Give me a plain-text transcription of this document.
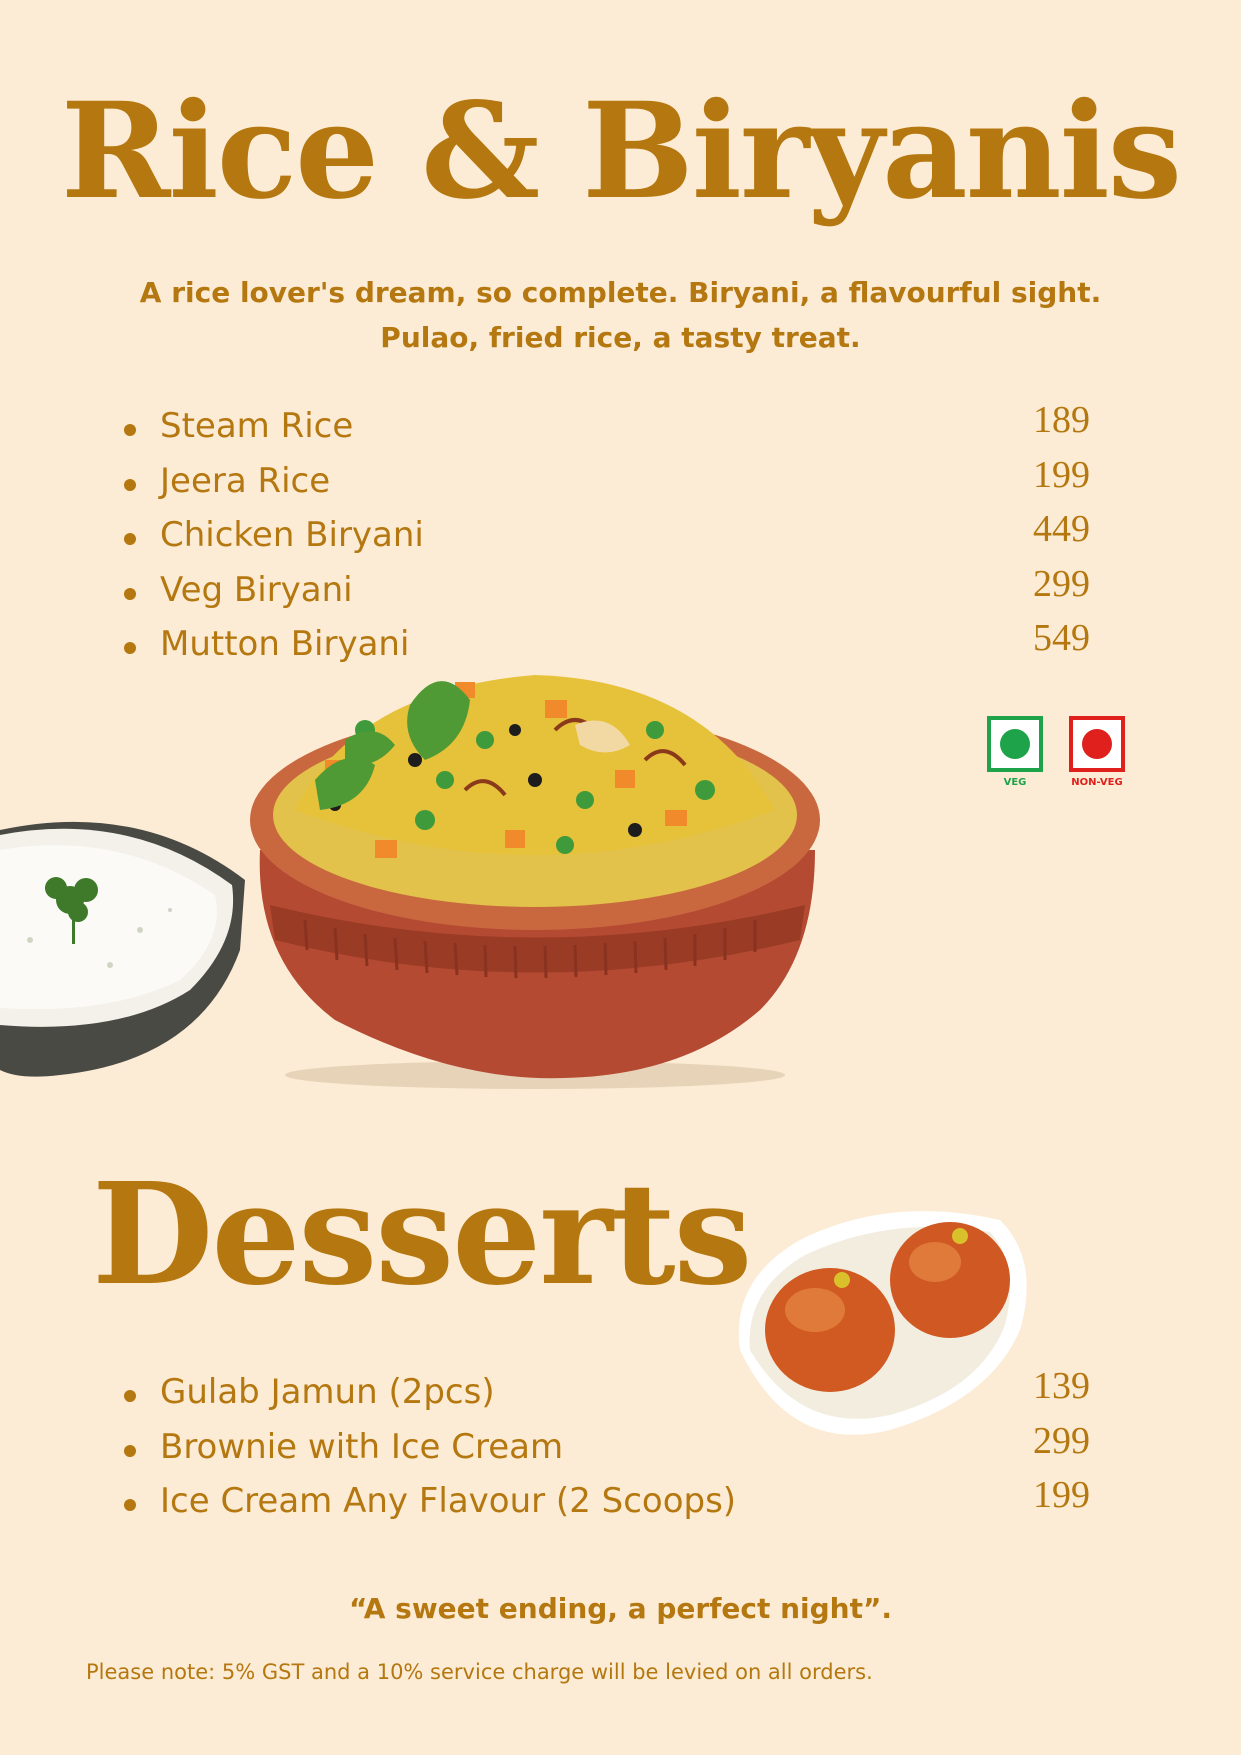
Rice & Biryanis
A rice lover's dream, so complete. Biryani, a flavourful sight.
Pulao, fried rice, a tasty treat.
Steam Rice	189
Jeera Rice	199
Chicken Biryani	449
Veg Biryani	299
Mutton Biryani	549
VEG	NON-VEG
Desserts
Gulab Jamun (2pcs)	139
Brownie with Ice Cream	299
Ice Cream Any Flavour (2 Scoops)	199
“A sweet ending, a perfect night”.
Please note: 5% GST and a 10% service charge will be levied on all orders.
